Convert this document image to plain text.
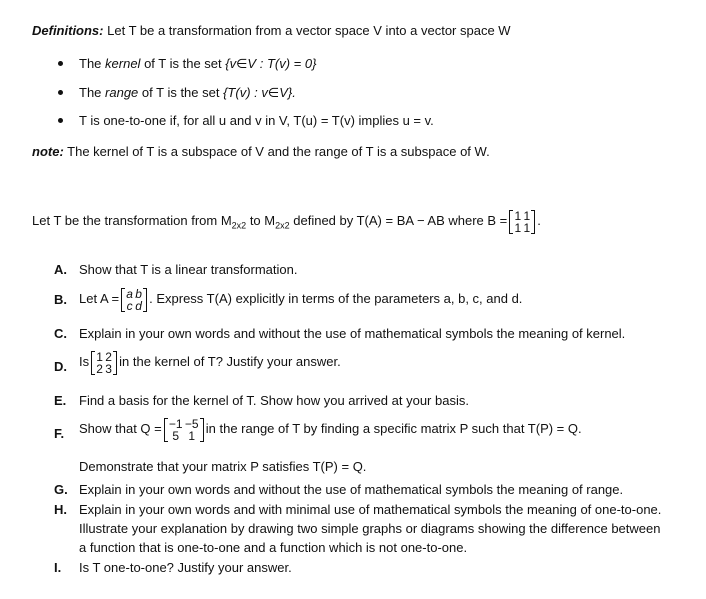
Definitions: Let T be a transformation from a vector space V into a vector space W
The kernel of T is the set {v∈V : T(v) = 0}
The range of T is the set {T(v) : v∈V}.
T is one-to-one if, for all u and v in V, T(u) = T(v) implies u = v.
note: The kernel of T is a subspace of V and the range of T is a subspace of W.
Let T be the transformation from $M_{2x2}$ to $M_{2x2}$ defined by T(A) = BA − AB where B = 1 1
1 1 .
A. Show that T is a linear transformation.
B. Let A = a b
c d . Express T(A) explicitly in terms of the parameters a, b, c, and d.
C. Explain in your own words and without the use of mathematical symbols the meaning of kernel.
D. Is 1 2
2 3 in the kernel of T? Justify your answer.
E. Find a basis for the kernel of T. Show how you arrived at your basis.
F. Show that Q = −1 −5
5 1 in the range of T by finding a specific matrix P such that T(P) = Q.
Demonstrate that your matrix P satisfies T(P) = Q.
G. Explain in your own words and without the use of mathematical symbols the meaning of range.
H. Explain in your own words and with minimal use of mathematical symbols the meaning of one-to-one. Illustrate your explanation by drawing two simple graphs or diagrams showing the difference between a function that is one-to-one and a function which is not one-to-one.
I. Is T one-to-one? Justify your answer.
